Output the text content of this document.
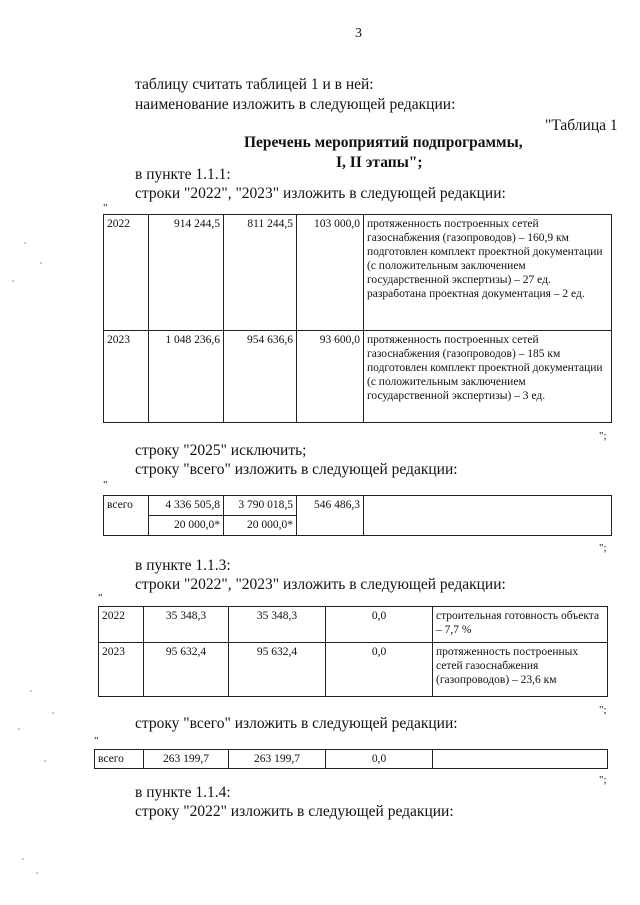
3
таблицу считать таблицей 1 и в ней:
наименование изложить в следующей редакции:
"Таблица 1
Перечень мероприятий подпрограммы,
I, II этапы";
в пункте 1.1.1:
строки "2022", "2023" изложить в следующей редакции:
"
2022	914 244,5	811 244,5	103 000,0	протяженность построенных сетей газоснабжения (газопроводов) – 160,9 км подготовлен комплект проектной документации (с положительным заключением государственной экспертизы) – 27 ед. разработана проектная документация – 2 ед.
2023	1 048 236,6	954 636,6	93 600,0	протяженность построенных сетей газоснабжения (газопроводов) – 185 км подготовлен комплект проектной документации (с положительным заключением государственной экспертизы) – 3 ед.
";
строку "2025" исключить;
строку "всего" изложить в следующей редакции:
"
всего	4 336 505,8	3 790 018,5	546 486,3	
	20 000,0*	20 000,0*		
";
в пункте 1.1.3:
строки "2022", "2023" изложить в следующей редакции:
"
2022	35 348,3	35 348,3	0,0	строительная готовность объекта – 7,7 %
2023	95 632,4	95 632,4	0,0	протяженность построенных сетей газоснабжения (газопроводов) – 23,6 км
";
строку "всего" изложить в следующей редакции:
"
всего	263 199,7	263 199,7	0,0	
";
в пункте 1.1.4:
строку "2022" изложить в следующей редакции:
